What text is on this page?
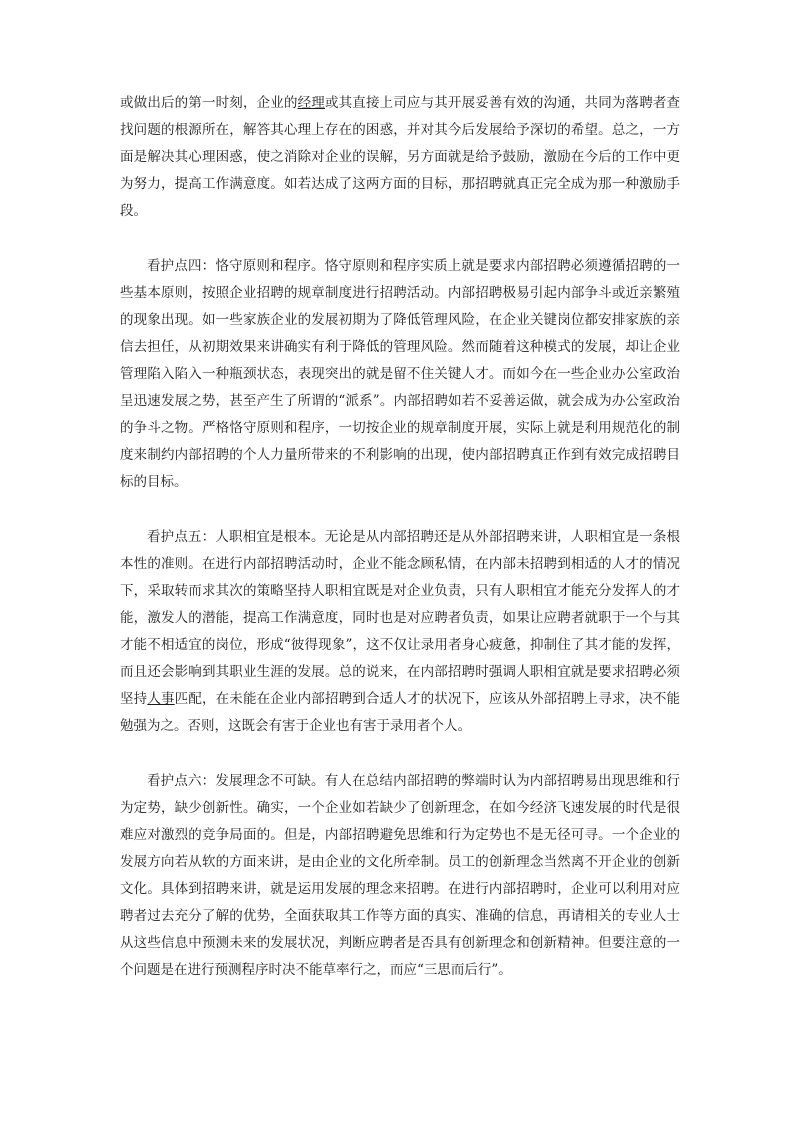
或做出后的第一时刻，企业的经理或其直接上司应与其开展妥善有效的沟通，共同为落聘者查找问题的根源所在，解答其心理上存在的困惑，并对其今后发展给予深切的希望。总之，一方面是解决其心理困惑，使之消除对企业的误解，另方面就是给予鼓励，激励在今后的工作中更为努力，提高工作满意度。如若达成了这两方面的目标，那招聘就真正完全成为那一种激励手段。

看护点四：恪守原则和程序。恪守原则和程序实质上就是要求内部招聘必须遵循招聘的一些基本原则，按照企业招聘的规章制度进行招聘活动。内部招聘极易引起内部争斗或近亲繁殖的现象出现。如一些家族企业的发展初期为了降低管理风险，在企业关键岗位都安排家族的亲信去担任，从初期效果来讲确实有利于降低的管理风险。然而随着这种模式的发展，却让企业管理陷入陷入一种瓶颈状态，表现突出的就是留不住关键人才。而如今在一些企业办公室政治呈迅速发展之势，甚至产生了所谓的“派系”。内部招聘如若不妥善运做，就会成为办公室政治的争斗之物。严格恪守原则和程序，一切按企业的规章制度开展，实际上就是利用规范化的制度来制约内部招聘的个人力量所带来的不利影响的出现，使内部招聘真正作到有效完成招聘目标的目标。

看护点五：人职相宜是根本。无论是从内部招聘还是从外部招聘来讲，人职相宜是一条根本性的准则。在进行内部招聘活动时，企业不能念顾私情，在内部未招聘到相适的人才的情况下，采取转而求其次的策略坚持人职相宜既是对企业负责，只有人职相宜才能充分发挥人的才能，激发人的潜能，提高工作满意度，同时也是对应聘者负责，如果让应聘者就职于一个与其才能不相适宜的岗位，形成“彼得现象”，这不仅让录用者身心疲惫，抑制住了其才能的发挥，而且还会影响到其职业生涯的发展。总的说来，在内部招聘时强调人职相宜就是要求招聘必须坚持人事匹配，在未能在企业内部招聘到合适人才的状况下，应该从外部招聘上寻求，决不能勉强为之。否则，这既会有害于企业也有害于录用者个人。

看护点六：发展理念不可缺。有人在总结内部招聘的弊端时认为内部招聘易出现思维和行为定势，缺少创新性。确实，一个企业如若缺少了创新理念，在如今经济飞速发展的时代是很难应对激烈的竞争局面的。但是，内部招聘避免思维和行为定势也不是无径可寻。一个企业的发展方向若从软的方面来讲，是由企业的文化所牵制。员工的创新理念当然离不开企业的创新文化。具体到招聘来讲，就是运用发展的理念来招聘。在进行内部招聘时，企业可以利用对应聘者过去充分了解的优势，全面获取其工作等方面的真实、准确的信息，再请相关的专业人士从这些信息中预测未来的发展状况，判断应聘者是否具有创新理念和创新精神。但要注意的一个问题是在进行预测程序时决不能草率行之，而应“三思而后行”。
